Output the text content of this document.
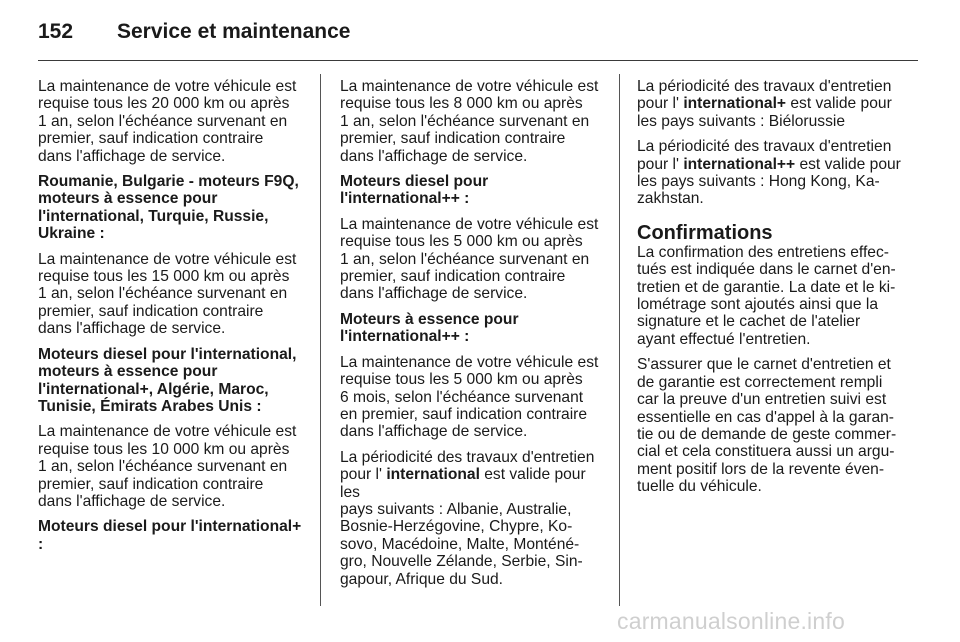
152 Service et maintenance

La maintenance de votre véhicule est
requise tous les 20 000 km ou après
1 an, selon l'échéance survenant en
premier, sauf indication contraire
dans l'affichage de service.

Roumanie, Bulgarie - moteurs F9Q,
moteurs à essence pour
l'international, Turquie, Russie,
Ukraine :

La maintenance de votre véhicule est
requise tous les 15 000 km ou après
1 an, selon l'échéance survenant en
premier, sauf indication contraire
dans l'affichage de service.

Moteurs diesel pour l'international,
moteurs à essence pour
l'international+, Algérie, Maroc,
Tunisie, Émirats Arabes Unis :

La maintenance de votre véhicule est
requise tous les 10 000 km ou après
1 an, selon l'échéance survenant en
premier, sauf indication contraire
dans l'affichage de service.

Moteurs diesel pour l'international+ :

La maintenance de votre véhicule est
requise tous les 8 000 km ou après
1 an, selon l'échéance survenant en
premier, sauf indication contraire
dans l'affichage de service.

Moteurs diesel pour l'international++ :

La maintenance de votre véhicule est
requise tous les 5 000 km ou après
1 an, selon l'échéance survenant en
premier, sauf indication contraire
dans l'affichage de service.

Moteurs à essence pour
l'international++ :

La maintenance de votre véhicule est
requise tous les 5 000 km ou après
6 mois, selon l'échéance survenant
en premier, sauf indication contraire
dans l'affichage de service.

La périodicité des travaux d'entretien
pour l' international est valide pour les
pays suivants : Albanie, Australie,
Bosnie-Herzégovine, Chypre, Ko-
sovo, Macédoine, Malte, Monténé-
gro, Nouvelle Zélande, Serbie, Sin-
gapour, Afrique du Sud.

La périodicité des travaux d'entretien
pour l' international+ est valide pour
les pays suivants : Biélorussie

La périodicité des travaux d'entretien
pour l' international++ est valide pour
les pays suivants : Hong Kong, Ka-
zakhstan.

Confirmations

La confirmation des entretiens effec-
tués est indiquée dans le carnet d'en-
tretien et de garantie. La date et le ki-
lométrage sont ajoutés ainsi que la
signature et le cachet de l'atelier
ayant effectué l'entretien.

S'assurer que le carnet d'entretien et
de garantie est correctement rempli
car la preuve d'un entretien suivi est
essentielle en cas d'appel à la garan-
tie ou de demande de geste commer-
cial et cela constituera aussi un argu-
ment positif lors de la revente éven-
tuelle du véhicule.

carmanualsonline.info
